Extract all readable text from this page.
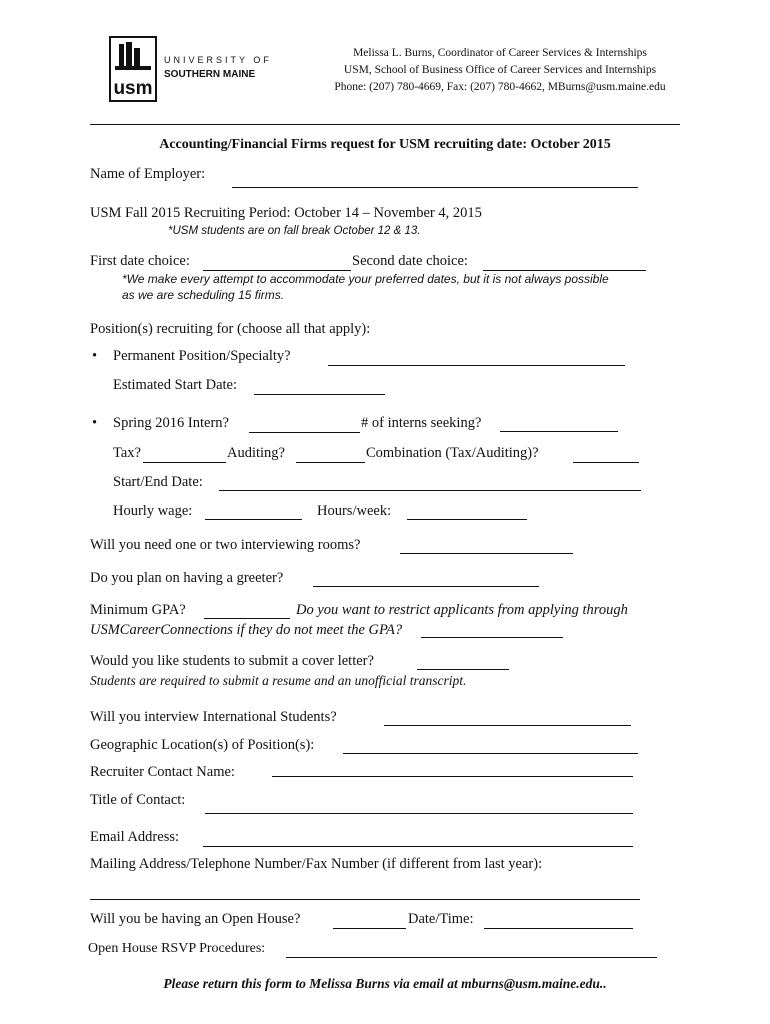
usm
UNIVERSITY OF
SOUTHERN MAINE
Melissa L. Burns, Coordinator of Career Services & Internships
USM, School of Business Office of Career Services and Internships
Phone: (207) 780-4669, Fax: (207) 780-4662, MBurns@usm.maine.edu
Accounting/Financial Firms request for USM recruiting date: October 2015
Name of Employer:
USM Fall 2015 Recruiting Period: October 14 – November 4, 2015
*USM students are on fall break October 12 & 13.
First date choice:	Second date choice:
*We make every attempt to accommodate your preferred dates, but it is not always possible
as we are scheduling 15 firms.
Position(s) recruiting for (choose all that apply):
• Permanent Position/Specialty?
Estimated Start Date:
• Spring 2016 Intern?	# of interns seeking?
Tax?	Auditing?	Combination (Tax/Auditing)?
Start/End Date:
Hourly wage:	Hours/week:
Will you need one or two interviewing rooms?
Do you plan on having a greeter?
Minimum GPA?	Do you want to restrict applicants from applying through
USMCareerConnections if they do not meet the GPA?
Would you like students to submit a cover letter?
Students are required to submit a resume and an unofficial transcript.
Will you interview International Students?
Geographic Location(s) of Position(s):
Recruiter Contact Name:
Title of Contact:
Email Address:
Mailing Address/Telephone Number/Fax Number (if different from last year):
Will you be having an Open House?	Date/Time:
Open House RSVP Procedures:
Please return this form to Melissa Burns via email at mburns@usm.maine.edu..
